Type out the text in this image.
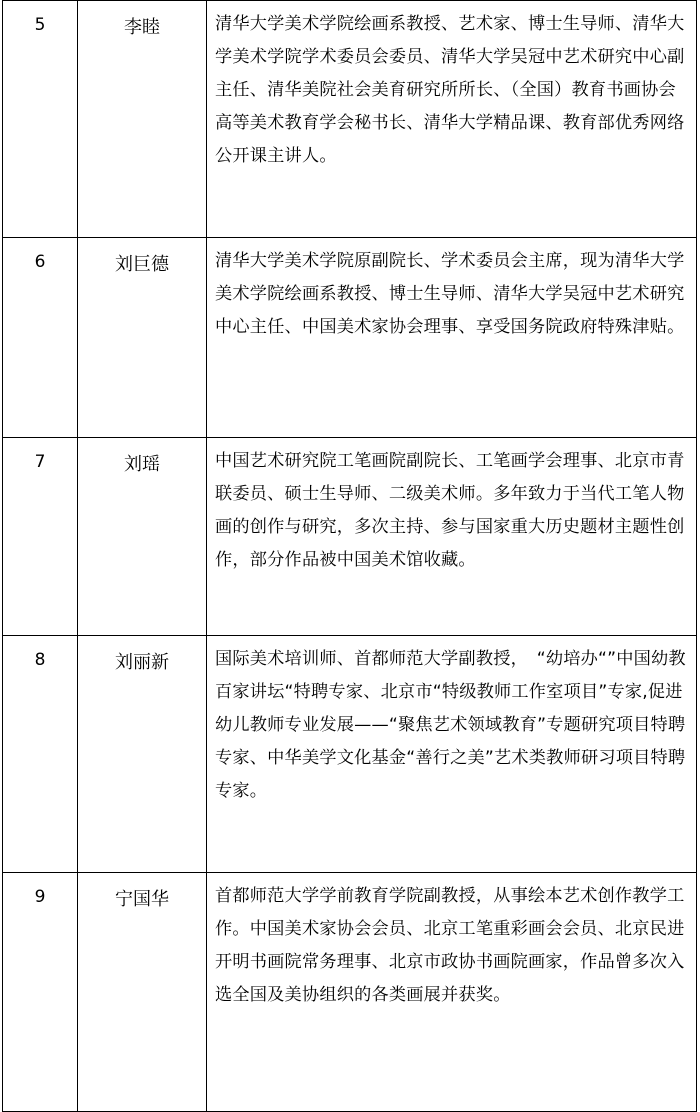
5	李睦	清华大学美术学院绘画系教授、艺术家、博士生导师、清华大学美术学院学术委员会委员、清华大学吴冠中艺术研究中心副主任、清华美院社会美育研究所所长、（全国）教育书画协会高等美术教育学会秘书长、清华大学精品课、教育部优秀网络公开课主讲人。
6	刘巨德	清华大学美术学院原副院长、学术委员会主席，现为清华大学美术学院绘画系教授、博士生导师、清华大学吴冠中艺术研究中心主任、中国美术家协会理事、享受国务院政府特殊津贴。
7	刘瑶	中国艺术研究院工笔画院副院长、工笔画学会理事、北京市青联委员、硕士生导师、二级美术师。多年致力于当代工笔人物画的创作与研究，多次主持、参与国家重大历史题材主题性创作，部分作品被中国美术馆收藏。
8	刘丽新	国际美术培训师、首都师范大学副教授，　“幼培办“”中国幼教百家讲坛“特聘专家、北京市“特级教师工作室项目”专家,促进幼儿教师专业发展——“聚焦艺术领域教育”专题研究项目特聘专家、中华美学文化基金“善行之美”艺术类教师研习项目特聘专家。
9	宁国华	首都师范大学学前教育学院副教授，从事绘本艺术创作教学工作。中国美术家协会会员、北京工笔重彩画会会员、北京民进开明书画院常务理事、北京市政协书画院画家，作品曾多次入选全国及美协组织的各类画展并获奖。
